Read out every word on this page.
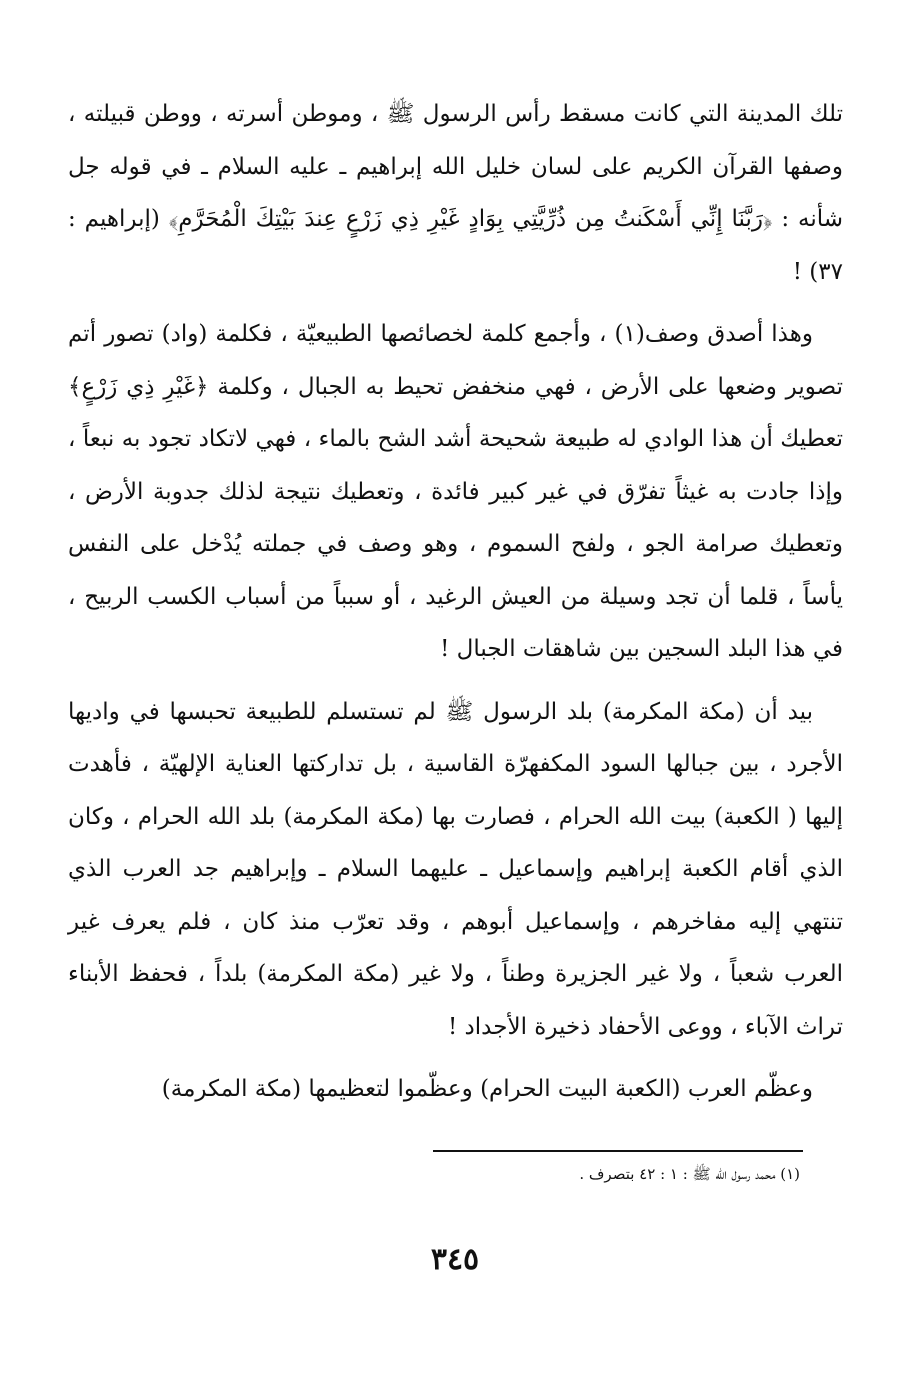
تلك المدينة التي كانت مسقط رأس الرسول ﷺ ، وموطن أسرته ، ووطن قبيلته ، وصفها القرآن الكريم على لسان خليل الله إبراهيم ـ عليه السلام ـ في قوله جل شأنه : ﴿رَبَّنَا إِنِّي أَسْكَنتُ مِن ذُرِّيَّتِي بِوَادٍ غَيْرِ ذِي زَرْعٍ عِندَ بَيْتِكَ الْمُحَرَّمِ﴾ (إبراهيم : ٣٧) !

وهذا أصدق وصف(١) ، وأجمع كلمة لخصائصها الطبيعيّة ، فكلمة (واد) تصور أتم تصوير وضعها على الأرض ، فهي منخفض تحيط به الجبال ، وكلمة ﴿غَيْرِ ذِي زَرْعٍ﴾ تعطيك أن هذا الوادي له طبيعة شحيحة أشد الشح بالماء ، فهي لاتكاد تجود به نبعاً ، وإذا جادت به غيثاً تفرّق في غير كبير فائدة ، وتعطيك نتيجة لذلك جدوبة الأرض ، وتعطيك صرامة الجو ، ولفح السموم ، وهو وصف في جملته يُدْخل على النفس يأساً ، قلما أن تجد وسيلة من العيش الرغيد ، أو سبباً من أسباب الكسب الربيح ، في هذا البلد السجين بين شاهقات الجبال !

بيد أن (مكة المكرمة) بلد الرسول ﷺ لم تستسلم للطبيعة تحبسها في واديها الأجرد ، بين جبالها السود المكفهرّة القاسية ، بل تداركتها العناية الإلهيّة ، فأهدت إليها ( الكعبة) بيت الله الحرام ، فصارت بها (مكة المكرمة) بلد الله الحرام ، وكان الذي أقام الكعبة إبراهيم وإسماعيل ـ عليهما السلام ـ وإبراهيم جد العرب الذي تنتهي إليه مفاخرهم ، وإسماعيل أبوهم ، وقد تعرّب منذ كان ، فلم يعرف غير العرب شعباً ، ولا غير الجزيرة وطناً ، ولا غير (مكة المكرمة) بلداً ، فحفظ الأبناء تراث الآباء ، ووعى الأحفاد ذخيرة الأجداد !

وعظّم العرب (الكعبة البيت الحرام) وعظّموا لتعظيمها (مكة المكرمة)

(١) محمد رسول الله ﷺ : ١ : ٤٢ بتصرف .
٣٤٥
